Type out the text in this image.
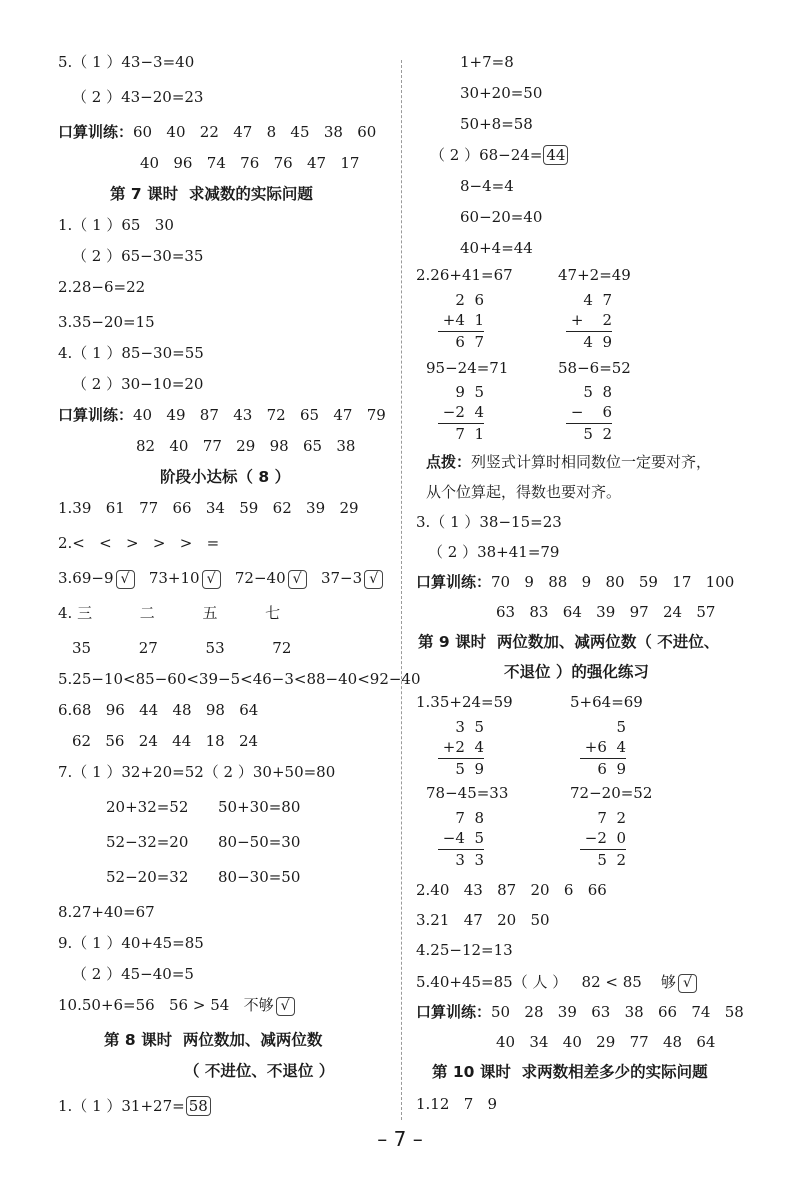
5.（ 1 ）43−3=40
（ 2 ）43−20=23
口算训练：60   40   22   47   8   45   38   60
40   96   74   76   76   47   17
第 7 课时  求减数的实际问题
1.（ 1 ）65   30
（ 2 ）65−30=35
2.28−6=22
3.35−20=15
4.（ 1 ）85−30=55
（ 2 ）30−10=20
口算训练：40   49   87   43   72   65   47   79
82   40   77   29   98   65   38
阶段小达标（ 8 ）
1.39   61   77   66   34   59   62   39   29
2.<   <   >   >   >   =
3.69−9 √ 73+10 √ 72−40 √ 37−3 √
4. 三          二          五          七
35          27          53          72
5.25−10<85−60<39−5<46−3<88−40<92−40
6.68   96   44   48   98   64
62   56   24   44   18   24
7.（ 1 ）32+20=52（ 2 ）30+50=80
20+32=52 50+30=80
52−32=20 80−50=30
52−20=32 80−30=50
8.27+40=67
9.（ 1 ）40+45=85
（ 2 ）45−40=5
10.50+6=56   56 > 54   不够 √
第 8 课时  两位数加、减两位数
（ 不进位、不退位 ）
1.（ 1 ）31+27= 58
1+7=8
30+20=50
50+8=58
（ 2 ）68−24= 44
8−4=4
60−20=40
40+4=44
2.26+41=67	47+2=49
2  6
+4  1
6  7
4  7
+    2
4  9
95−24=71	58−6=52
9  5
−2  4
7  1
5  8
−    6
5  2
点拨：列竖式计算时相同数位一定要对齐，
从个位算起，得数也要对齐。
3.（ 1 ）38−15=23
（ 2 ）38+41=79
口算训练：70   9   88   9   80   59   17   100
63   83   64   39   97   24   57
第 9 课时  两位数加、减两位数（ 不进位、
不退位 ）的强化练习
1.35+24=59	5+64=69
3  5
+2  4
5  9
5
+6  4
6  9
78−45=33	72−20=52
7  8
−4  5
3  3
7  2
−2  0
5  2
2.40   43   87   20   6   66
3.21   47   20   50
4.25−12=13
5.40+45=85（ 人 ）   82 < 85    够 √
口算训练：50   28   39   63   38   66   74   58
40   34   40   29   77   48   64
第 10 课时  求两数相差多少的实际问题
1.12   7   9
– 7 –
